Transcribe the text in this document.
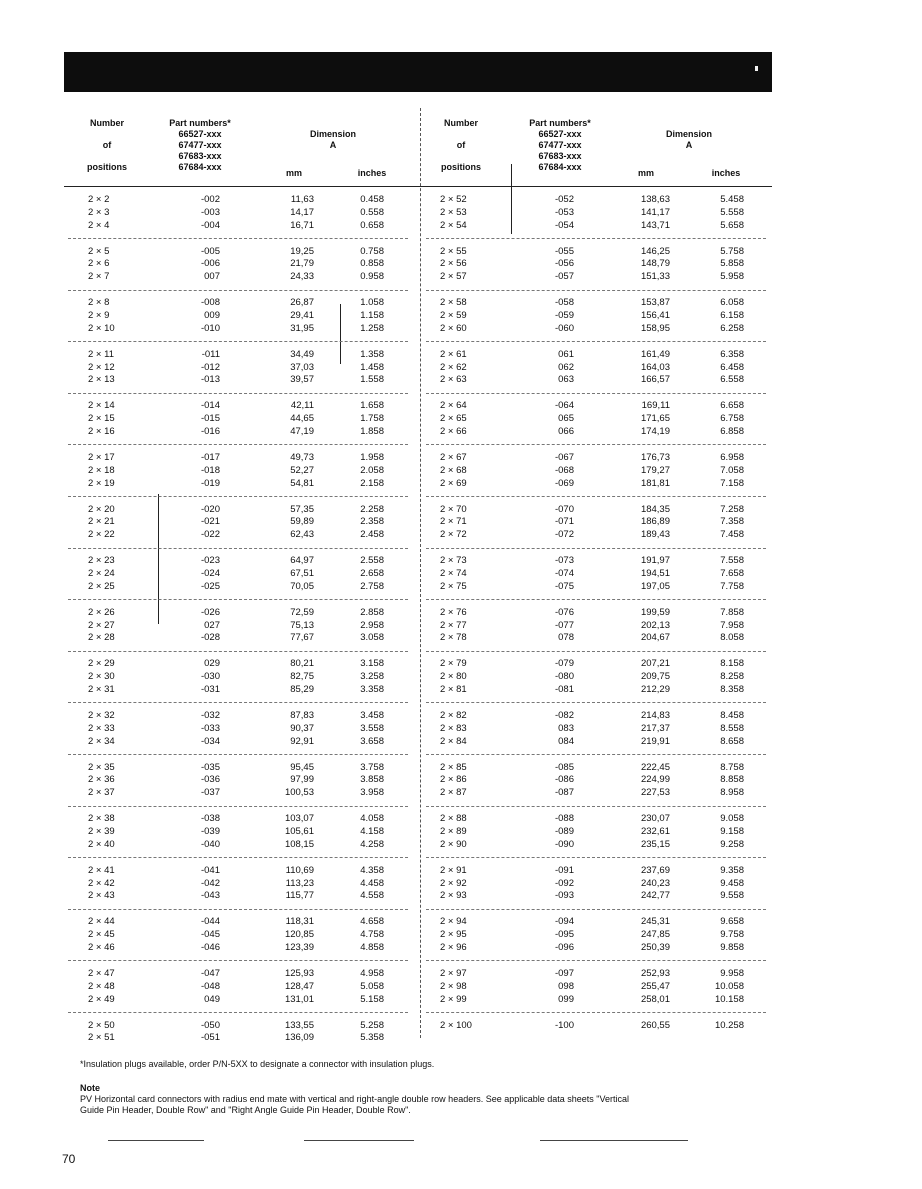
Number
of
positions
Part numbers*
66527-xxx
67477-xxx
67683-xxx
67684-xxx
Dimension
A
mm	inches
Number
of
positions
Part numbers*
66527-xxx
67477-xxx
67683-xxx
67684-xxx
Dimension
A
mm	inches
2 × 2	-002	11,63	0.458
2 × 3	-003	14,17	0.558
2 × 4	-004	16,71	0.658
2 × 5	-005	19,25	0.758
2 × 6	-006	21,79	0.858
2 × 7	007	24,33	0.958
2 × 8	-008	26,87	1.058
2 × 9	009	29,41	1.158
2 × 10	-010	31,95	1.258
2 × 11	-011	34,49	1.358
2 × 12	-012	37,03	1.458
2 × 13	-013	39,57	1.558
2 × 14	-014	42,11	1.658
2 × 15	-015	44,65	1.758
2 × 16	-016	47,19	1.858
2 × 17	-017	49,73	1.958
2 × 18	-018	52,27	2.058
2 × 19	-019	54,81	2.158
2 × 20	-020	57,35	2.258
2 × 21	-021	59,89	2.358
2 × 22	-022	62,43	2.458
2 × 23	-023	64,97	2.558
2 × 24	-024	67,51	2.658
2 × 25	-025	70,05	2.758
2 × 26	-026	72,59	2.858
2 × 27	027	75,13	2.958
2 × 28	-028	77,67	3.058
2 × 29	029	80,21	3.158
2 × 30	-030	82,75	3.258
2 × 31	-031	85,29	3.358
2 × 32	-032	87,83	3.458
2 × 33	-033	90,37	3.558
2 × 34	-034	92,91	3.658
2 × 35	-035	95,45	3.758
2 × 36	-036	97,99	3.858
2 × 37	-037	100,53	3.958
2 × 38	-038	103,07	4.058
2 × 39	-039	105,61	4.158
2 × 40	-040	108,15	4.258
2 × 41	-041	110,69	4.358
2 × 42	-042	113,23	4.458
2 × 43	-043	115,77	4.558
2 × 44	-044	118,31	4.658
2 × 45	-045	120,85	4.758
2 × 46	-046	123,39	4.858
2 × 47	-047	125,93	4.958
2 × 48	-048	128,47	5.058
2 × 49	049	131,01	5.158
2 × 50	-050	133,55	5.258
2 × 51	-051	136,09	5.358
2 × 52	-052	138,63	5.458
2 × 53	-053	141,17	5.558
2 × 54	-054	143,71	5.658
2 × 55	-055	146,25	5.758
2 × 56	-056	148,79	5.858
2 × 57	-057	151,33	5.958
2 × 58	-058	153,87	6.058
2 × 59	-059	156,41	6.158
2 × 60	-060	158,95	6.258
2 × 61	061	161,49	6.358
2 × 62	062	164,03	6.458
2 × 63	063	166,57	6.558
2 × 64	-064	169,11	6.658
2 × 65	065	171,65	6.758
2 × 66	066	174,19	6.858
2 × 67	-067	176,73	6.958
2 × 68	-068	179,27	7.058
2 × 69	-069	181,81	7.158
2 × 70	-070	184,35	7.258
2 × 71	-071	186,89	7.358
2 × 72	-072	189,43	7.458
2 × 73	-073	191,97	7.558
2 × 74	-074	194,51	7.658
2 × 75	-075	197,05	7.758
2 × 76	-076	199,59	7.858
2 × 77	-077	202,13	7.958
2 × 78	078	204,67	8.058
2 × 79	-079	207,21	8.158
2 × 80	-080	209,75	8.258
2 × 81	-081	212,29	8.358
2 × 82	-082	214,83	8.458
2 × 83	083	217,37	8.558
2 × 84	084	219,91	8.658
2 × 85	-085	222,45	8.758
2 × 86	-086	224,99	8.858
2 × 87	-087	227,53	8.958
2 × 88	-088	230,07	9.058
2 × 89	-089	232,61	9.158
2 × 90	-090	235,15	9.258
2 × 91	-091	237,69	9.358
2 × 92	-092	240,23	9.458
2 × 93	-093	242,77	9.558
2 × 94	-094	245,31	9.658
2 × 95	-095	247,85	9.758
2 × 96	-096	250,39	9.858
2 × 97	-097	252,93	9.958
2 × 98	098	255,47	10.058
2 × 99	099	258,01	10.158
2 × 100	-100	260,55	10.258
*Insulation plugs available, order P/N-5XX to designate a connector with insulation plugs.
Note
PV Horizontal card connectors with radius end mate with vertical and right-angle double row headers. See applicable data sheets "Vertical Guide Pin Header, Double Row" and "Right Angle Guide Pin Header, Double Row".
70
